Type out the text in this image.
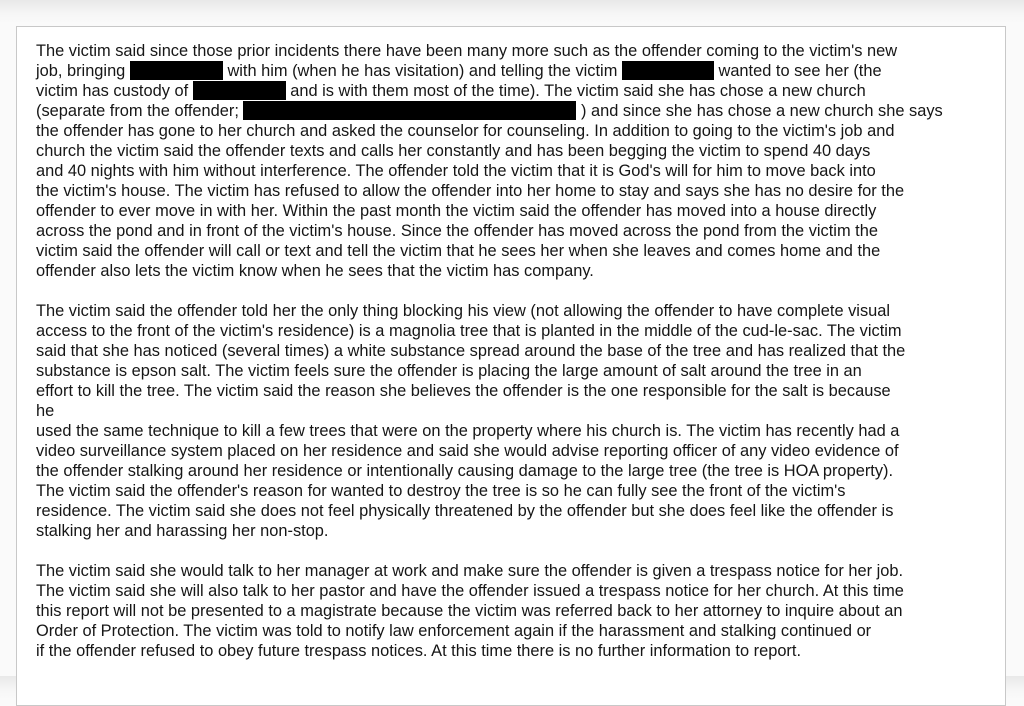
The victim said since those prior incidents there have been many more such as the offender coming to the victim's new
job, bringing	with him (when he has visitation) and telling the victim	wanted to see her (the
victim has custody of	and is with them most of the time). The victim said she has chose a new church
(separate from the offender;	) and since she has chose a new church she says
the offender has gone to her church and asked the counselor for counseling. In addition to going to the victim's job and
church the victim said the offender texts and calls her constantly and has been begging the victim to spend 40 days
and 40 nights with him without interference. The offender told the victim that it is God's will for him to move back into
the victim's house. The victim has refused to allow the offender into her home to stay and says she has no desire for the
offender to ever move in with her. Within the past month the victim said the offender has moved into a house directly
across the pond and in front of the victim's house. Since the offender has moved across the pond from the victim the
victim said the offender will call or text and tell the victim that he sees her when she leaves and comes home and the
offender also lets the victim know when he sees that the victim has company.
The victim said the offender told her the only thing blocking his view (not allowing the offender to have complete visual
access to the front of the victim's residence) is a magnolia tree that is planted in the middle of the cud-le-sac. The victim
said that she has noticed (several times) a white substance spread around the base of the tree and has realized that the
substance is epson salt. The victim feels sure the offender is placing the large amount of salt around the tree in an
effort to kill the tree. The victim said the reason she believes the offender is the one responsible for the salt is because
he
used the same technique to kill a few trees that were on the property where his church is. The victim has recently had a
video surveillance system placed on her residence and said she would advise reporting officer of any video evidence of
the offender stalking around her residence or intentionally causing damage to the large tree (the tree is HOA property).
The victim said the offender's reason for wanted to destroy the tree is so he can fully see the front of the victim's
residence. The victim said she does not feel physically threatened by the offender but she does feel like the offender is
stalking her and harassing her non-stop.
The victim said she would talk to her manager at work and make sure the offender is given a trespass notice for her job.
The victim said she will also talk to her pastor and have the offender issued a trespass notice for her church. At this time
this report will not be presented to a magistrate because the victim was referred back to her attorney to inquire about an
Order of Protection. The victim was told to notify law enforcement again if the harassment and stalking continued or
if the offender refused to obey future trespass notices. At this time there is no further information to report.
